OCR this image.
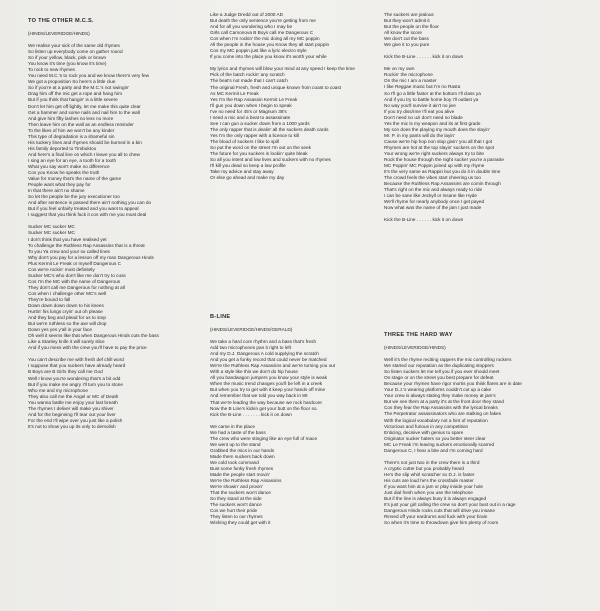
TO THE OTHER M.C.S.
(HINDS/LEVERIDGE/HINDS)
We realise your sick of the same old rhymes
So listen up everybody come on gather round
So if your yellow, black, pink or brown
You know it's time (you know it's time)
To rock to new rhymes
You need M.C.'s to rock you and we know there's very few
We got a proposition So here's a little clue
So if you're at a party and the M.C.'s not swingin'
Drag him off the mic get a rope and hang him
But if you think that hangin' is a little severe
Don't let him get off lightly, let me make this quite clear
Get a hammer and some nails and nail him to the wall
And give him fifty lashes no less no more
Then leave him on the wall as an endless reminder
To the likes of him we won't be any kinder
This type of degradation is a shameful sin
His tuckery lines and rhymes should be burned in a bin
His family deported to Timbuktoo
And here's a final line on which I leave you all to chew
I sing an eye for an eye, a tooth for a tooth
What you say won't make no difference
Cos you Know he speaks the truth
Value for money that's the name of the game
People want what they pay for
In that there ain't no shame
So let the people be the jury executioner too
And after sentence is passed there ain't nothing you can do
But if you feel unfairly treated and you want to appeal
I suggest that you think fuck it cos with me you must deal
Sucker MC sucker MC
Sucker MC sucker MC
I don't think that you have realised yet
To challenge the Ruthless Rap Assassins that is a threat
To you Ya crew and your so called lines
Why don't you pay for a lesson off my man Dangerous Hinds
Plus Kermit Le Freak or myself Dangerous C
Cos we're rockin' most definitely
Sucker MC's who don't like me don't try to cuss
Cos I'm the MC with the name of Dangerous
They don't call me Dangerous for nothing at all
Cos when I challenge other MC's well
They're bound to fall
Down down down down to his knees
Hurtin' his lungs cryin' out oh please
And they beg and plead for us to stop
But we're ruthless so the axe will drop
Down yes yes y'all in your face
Oh well it seems like that when Dangerous Hinds cuts the bass
Like a Stanley knife it will surely slice
And if you mess with the crew you'll have to pay the price
You can't describe me with fresh def chill word
I suppose that you suckers have already heard
B Boys are B Girls they call me God
Well I know you're wondering that's a bit odd
But if you make me angry I'll turn you to stone
Who me and my microphone
They also call me the Angel or MC of Death
You wanna battle me enjoy your last breath
The rhymes I deliver will make you shiver
And for the beginning I'll tear out your liver
For the end I'll wipe over you just like a polish
It's not to show you up its only to demolish
Like a Judge Dredd out of 2000 AD
But death the only sentence you're getting from me
And for all you wondering who I may be
Girls call Carsonova B Boys call me Dangerous C
Cos when I'm rockin' the mic doing all my MC poppin
All the people in the house you Know they all start poppin
Cos my MC poppin just like a lyric electro style
If you come into the place you know it's worth your while
My lyrics and rhymes will blow your mind at any speed I keep the time
Pick of the batch rockin' any scratch
The beat's not made that I can't catch
The original Fresh, fresh and unique known from coast to coast
As MC Kermit Le Freak
Yes I'm the Rap Assassin Kermit Le Freak
I'll gun you down when I begin to speak
I've no need for 45's or Magnum 38's
I need a mic and a beat to assassinate
See I can gun a sucker down from a 1000 yards
The only rapper that is dealin' all the suckers death cards
Yes I'm the only rapper with a licence to kill
The blood of suckers I like to spill
So put the word on the street I'm out on the seek
The future for you suckers is lookin' quite bleak
So all you intent and low lives and suckers with no rhymes
I'll kill you dead so keep a low profile
Take my advice and stay away
Or else go ahead and make my day
B-LINE
(HINDS/LEVERIDGE/HINDS/GERALD)
We take a hard core rhythm and a bass that's fresh
Add two microphones pan it right to left
And my D.J. Dangerous A cold supplying the scratch
And you get a funky record that could never be matched
We're the Ruthless Rap Assassins and we're turning you out
With a style like this we don't do hip house
All you bandwagon jumpers you know your style is weak
When the music trend changes you'll be left in a creek
But when you try to get with it keep your hands off mine
And remember that we told you way back in 89
That we're leading the way because we rock hardcore
Now the B Line's kickin get your butt on the floor so.
Kick the B-Line . . . . . . . kick it on down
We came in the place
We had a taste of the bass
The crew who were stinging like an eye full of mace
We went up to the stand
Grabbed the mics in our hands
Made them suckers back down
We cold took command
Bust some funky fresh rhymes
Made the people start movin'
We're the Ruthless Rap Assassins
We're showin' and provin'
That the suckers won't dance
So they stand at the side
The suckers won't dance
Cos we hurt their pride
They listen to our rhymes
Wishing they could get with it
The suckers are jealous
But they won't admit it
But the people on the floor
All know the score
We don't cut the bass
We give it to you pure
Kick the B-Line . . . . . . kick it on down
Me on my own
Rockin' the microphone
On the mic I am a master
I like Reggae music but I'm no Rasta
So I'll go a little faster at the bottom I'll class ya
And if you try to battle home boy I'll outlast ya
No way you'll survive it ain't no jive
If you try diss/rme I'll eat you alive
Don't need no uzi don't need no blade
Yes the mic is my weapon and its at first grade
My son does the playing my mouth does the slayin'
Mr. P. in my pants will do the layin'
Cause we're hip hop non stop givin' you all that I got
Rhymes are hot at the top slayin' suckers on the spot
Your wrong we're right suckers always try to bite
Rock the house through the night sucker you're a parasite
MC Poppin' MC Poppin joined up with my rhyme
It's the very same as Rappin but you do it in double time
The crowd feels the vibes start cheering us too
Because the Ruthless Rap Assassins are comin through
That's right on the mic and always ready to ride
I can be sane like Jeckyll or insane like Hyde
We'll rhyme for nearly anybody once I get payed
Now what was the name of the jam I just made
Kick the B-Line . . . . . . kick it on down
THREE THE HARD WAY
(HINDS/LEVERIDGE/HINDS)
Well it's the rhyme reciting rappers the mic controlling rockers
We started our reputation as the duplicating stoppers
So listen suckers let me tell you if you ever should meet
On stage or on the street you best prepare for defeat
Because your rhymes have rigor mortis you think flares are in date
Your D.J.'s wearing platforms couldn't cut up a cake
Your crew is always stating they make money at jam's
But we see them at a party it's at the front door they stand
Cos they fear the Rap Assassins with the lyrical breaks
The Perpetrator assassinators who are stalking on fakes
With the logical vocabulary not a hint of reputation
Victorious and furious in any competition
Enticing, decisive with genius to spare
Originator sucker haters so you better steer clear
MC Le Freak I'm leaving suckers emotionally scarred
Dangerous C, I hear a bite and I'm coming hard
There's not just two in the crew there is a third
A cryptic cutter but you probably heard
He's the slip whirl scratcher so D.J. is faster
His cuts are loud he's the crossfade master
If you want him at a jam or play inside your hole
Just dial fresh when you use the telephone
But if the line is always busy it is always engaged
It's just your girl calling the crew so don't your bust out in a rage
Dangerous Hinds rocks cuts that will drive you insane
Rinsed off your eardrums and fuck with your brain
So when it's time to throwdown give him plenty of room
